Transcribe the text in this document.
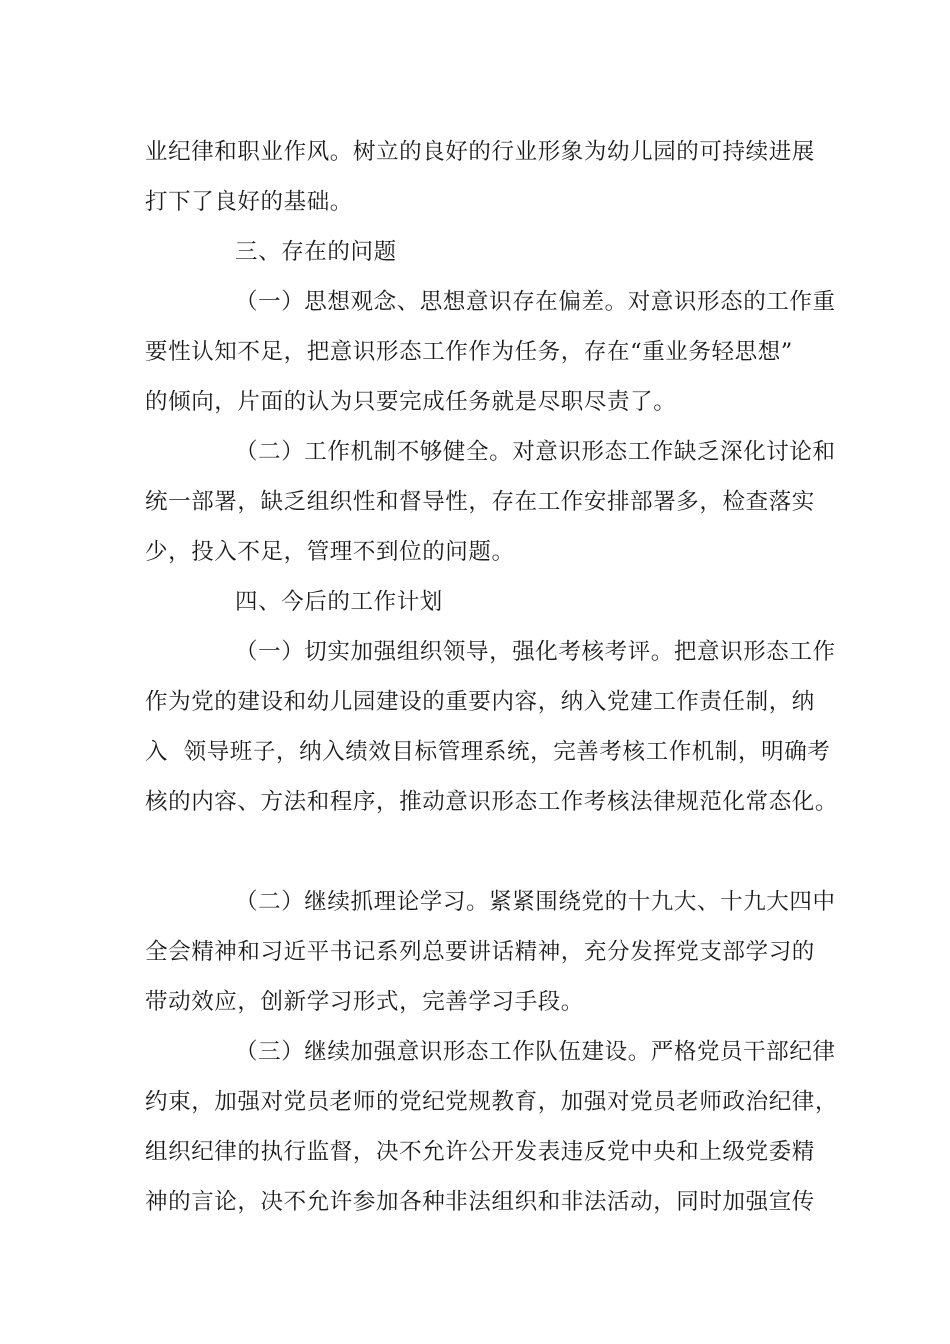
业纪律和职业作风。树立的良好的行业形象为幼儿园的可持续进展
打下了良好的基础。
三、存在的问题
（一）思想观念、思想意识存在偏差。对意识形态的工作重
要性认知不足，把意识形态工作作为任务，存在“重业务轻思想”
的倾向，片面的认为只要完成任务就是尽职尽责了。
（二）工作机制不够健全。对意识形态工作缺乏深化讨论和
统一部署，缺乏组织性和督导性，存在工作安排部署多，检查落实
少，投入不足，管理不到位的问题。
四、今后的工作计划
（一）切实加强组织领导，强化考核考评。把意识形态工作
作为党的建设和幼儿园建设的重要内容，纳入党建工作责任制，纳
入  领导班子，纳入绩效目标管理系统，完善考核工作机制，明确考
核的内容、方法和程序，推动意识形态工作考核法律规范化常态化。
（二）继续抓理论学习。紧紧围绕党的十九大、十九大四中
全会精神和习近平书记系列总要讲话精神，充分发挥党支部学习的
带动效应，创新学习形式，完善学习手段。
（三）继续加强意识形态工作队伍建设。严格党员干部纪律
约束，加强对党员老师的党纪党规教育，加强对党员老师政治纪律，
组织纪律的执行监督，决不允许公开发表违反党中央和上级党委精
神的言论，决不允许参加各种非法组织和非法活动，同时加强宣传
